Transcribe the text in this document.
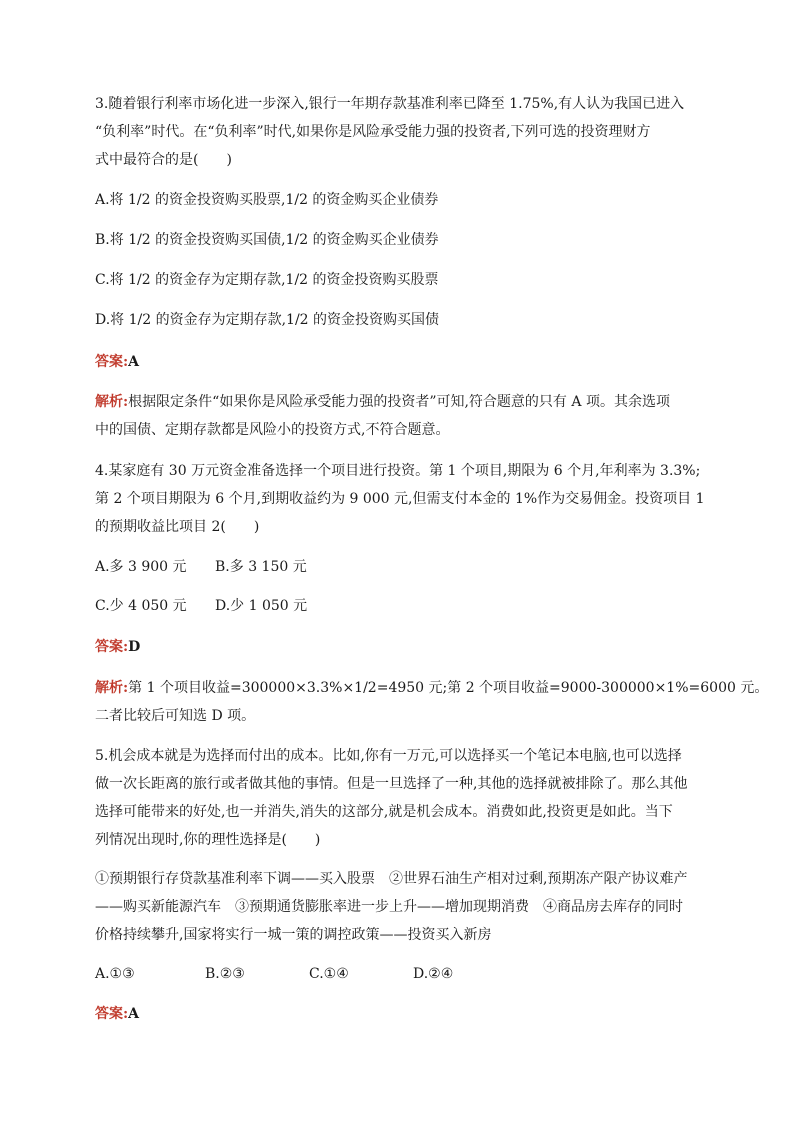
3.随着银行利率市场化进一步深入,银行一年期存款基准利率已降至 1.75%,有人认为我国已进入
“负利率”时代。在“负利率”时代,如果你是风险承受能力强的投资者,下列可选的投资理财方
式中最符合的是(　　)
A.将 1/2 的资金投资购买股票,1/2 的资金购买企业债券
B.将 1/2 的资金投资购买国债,1/2 的资金购买企业债券
C.将 1/2 的资金存为定期存款,1/2 的资金投资购买股票
D.将 1/2 的资金存为定期存款,1/2 的资金投资购买国债
答案:A
解析:根据限定条件“如果你是风险承受能力强的投资者”可知,符合题意的只有 A 项。其余选项
中的国债、定期存款都是风险小的投资方式,不符合题意。
4.某家庭有 30 万元资金准备选择一个项目进行投资。第 1 个项目,期限为 6 个月,年利率为 3.3%;
第 2 个项目期限为 6 个月,到期收益约为 9 000 元,但需支付本金的 1%作为交易佣金。投资项目 1
的预期收益比项目 2(　　)
A.多 3 900 元 B.多 3 150 元
C.少 4 050 元 D.少 1 050 元
答案:D
解析:第 1 个项目收益=300000×3.3%×1/2=4950 元;第 2 个项目收益=9000-300000×1%=6000 元。
二者比较后可知选 D 项。
5.机会成本就是为选择而付出的成本。比如,你有一万元,可以选择买一个笔记本电脑,也可以选择
做一次长距离的旅行或者做其他的事情。但是一旦选择了一种,其他的选择就被排除了。那么其他
选择可能带来的好处,也一并消失,消失的这部分,就是机会成本。消费如此,投资更是如此。当下
列情况出现时,你的理性选择是(　　)
①预期银行存贷款基准利率下调——买入股票　②世界石油生产相对过剩,预期冻产限产协议难产
——购买新能源汽车　③预期通货膨胀率进一步上升——增加现期消费　④商品房去库存的同时
价格持续攀升,国家将实行一城一策的调控政策——投资买入新房
A.①③	B.②③	C.①④	D.②④
答案:A
